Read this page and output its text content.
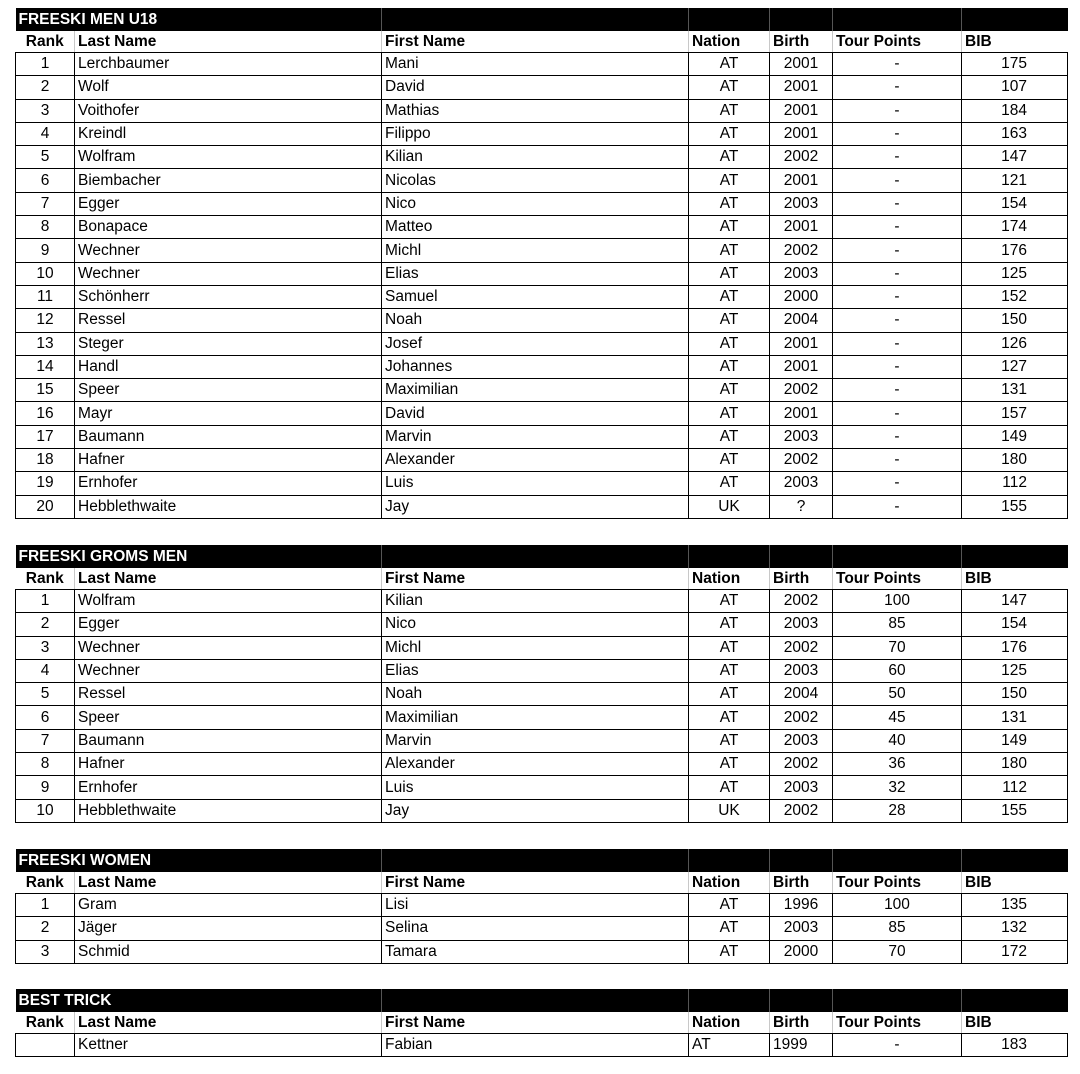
FREESKI MEN U18						
Rank	Last Name	First Name	Nation	Birth	Tour Points	BIB
1	Lerchbaumer	Mani	AT	2001	-	175
2	Wolf	David	AT	2001	-	107
3	Voithofer	Mathias	AT	2001	-	184
4	Kreindl	Filippo	AT	2001	-	163
5	Wolfram	Kilian	AT	2002	-	147
6	Biembacher	Nicolas	AT	2001	-	121
7	Egger	Nico	AT	2003	-	154
8	Bonapace	Matteo	AT	2001	-	174
9	Wechner	Michl	AT	2002	-	176
10	Wechner	Elias	AT	2003	-	125
11	Schönherr	Samuel	AT	2000	-	152
12	Ressel	Noah	AT	2004	-	150
13	Steger	Josef	AT	2001	-	126
14	Handl	Johannes	AT	2001	-	127
15	Speer	Maximilian	AT	2002	-	131
16	Mayr	David	AT	2001	-	157
17	Baumann	Marvin	AT	2003	-	149
18	Hafner	Alexander	AT	2002	-	180
19	Ernhofer	Luis	AT	2003	-	112
20	Hebblethwaite	Jay	UK	?	-	155
FREESKI GROMS MEN						
Rank	Last Name	First Name	Nation	Birth	Tour Points	BIB
1	Wolfram	Kilian	AT	2002	100	147
2	Egger	Nico	AT	2003	85	154
3	Wechner	Michl	AT	2002	70	176
4	Wechner	Elias	AT	2003	60	125
5	Ressel	Noah	AT	2004	50	150
6	Speer	Maximilian	AT	2002	45	131
7	Baumann	Marvin	AT	2003	40	149
8	Hafner	Alexander	AT	2002	36	180
9	Ernhofer	Luis	AT	2003	32	112
10	Hebblethwaite	Jay	UK	2002	28	155
FREESKI WOMEN						
Rank	Last Name	First Name	Nation	Birth	Tour Points	BIB
1	Gram	Lisi	AT	1996	100	135
2	Jäger	Selina	AT	2003	85	132
3	Schmid	Tamara	AT	2000	70	172
BEST TRICK						
Rank	Last Name	First Name	Nation	Birth	Tour Points	BIB
	Kettner	Fabian	AT	1999	-	183
